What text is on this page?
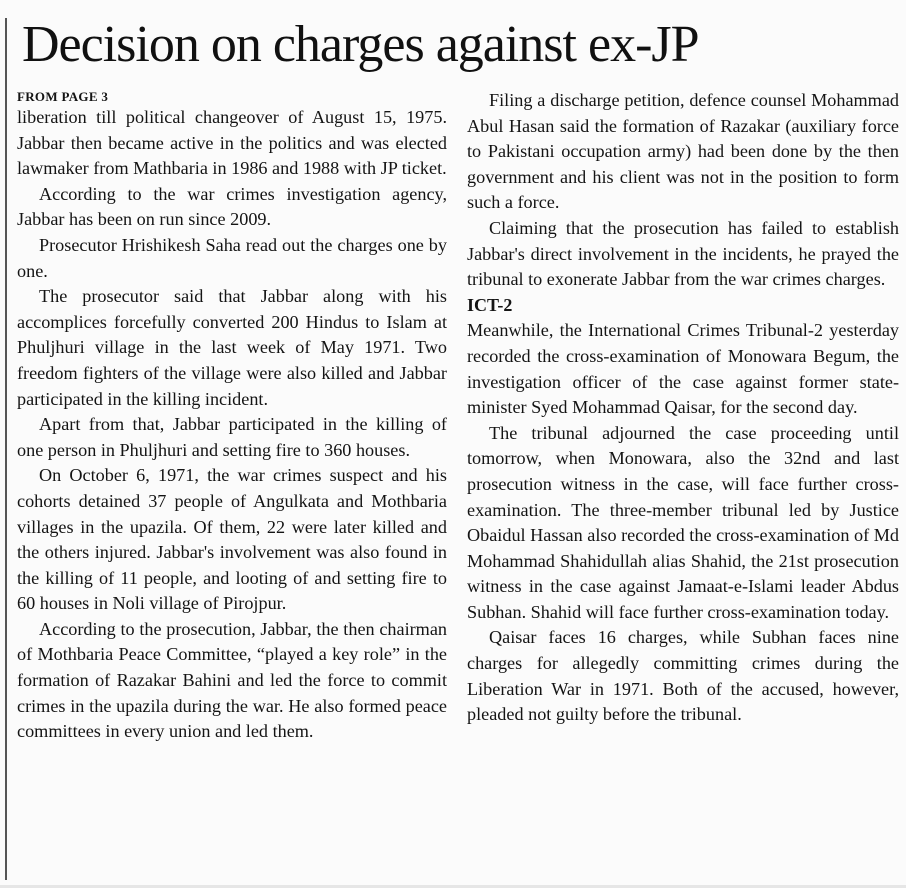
Decision on charges against ex-JP
FROM PAGE 3

liberation till political changeover of August 15, 1975. Jabbar then became active in the politics and was elected lawmaker from Mathbaria in 1986 and 1988 with JP ticket.

According to the war crimes investigation agency, Jabbar has been on run since 2009.

Prosecutor Hrishikesh Saha read out the charges one by one.

The prosecutor said that Jabbar along with his accomplices forcefully converted 200 Hindus to Islam at Phuljhuri village in the last week of May 1971. Two freedom fighters of the village were also killed and Jabbar participated in the killing incident.

Apart from that, Jabbar participated in the killing of one person in Phuljhuri and setting fire to 360 houses.

On October 6, 1971, the war crimes suspect and his cohorts detained 37 people of Angulkata and Mothbaria villages in the upazila. Of them, 22 were later killed and the others injured. Jabbar's involvement was also found in the killing of 11 people, and looting of and setting fire to 60 houses in Noli village of Pirojpur.

According to the prosecution, Jabbar, the then chairman of Mothbaria Peace Committee, “played a key role” in the formation of Razakar Bahini and led the force to commit crimes in the upazila during the war. He also formed peace committees in every union and led them.

Filing a discharge petition, defence counsel Mohammad Abul Hasan said the formation of Razakar (auxiliary force to Pakistani occupation army) had been done by the then government and his client was not in the position to form such a force.

Claiming that the prosecution has failed to establish Jabbar's direct involvement in the incidents, he prayed the tribunal to exonerate Jabbar from the war crimes charges.

ICT-2

Meanwhile, the International Crimes Tribunal-2 yesterday recorded the cross-examination of Monowara Begum, the investigation officer of the case against former state-minister Syed Mohammad Qaisar, for the second day.

The tribunal adjourned the case proceeding until tomorrow, when Monowara, also the 32nd and last prosecution witness in the case, will face further cross-examination. The three-member tribunal led by Justice Obaidul Hassan also recorded the cross-examination of Md Mohammad Shahidullah alias Shahid, the 21st prosecution witness in the case against Jamaat-e-Islami leader Abdus Subhan. Shahid will face further cross-examination today.

Qaisar faces 16 charges, while Subhan faces nine charges for allegedly committing crimes during the Liberation War in 1971. Both of the accused, however, pleaded not guilty before the tribunal.
